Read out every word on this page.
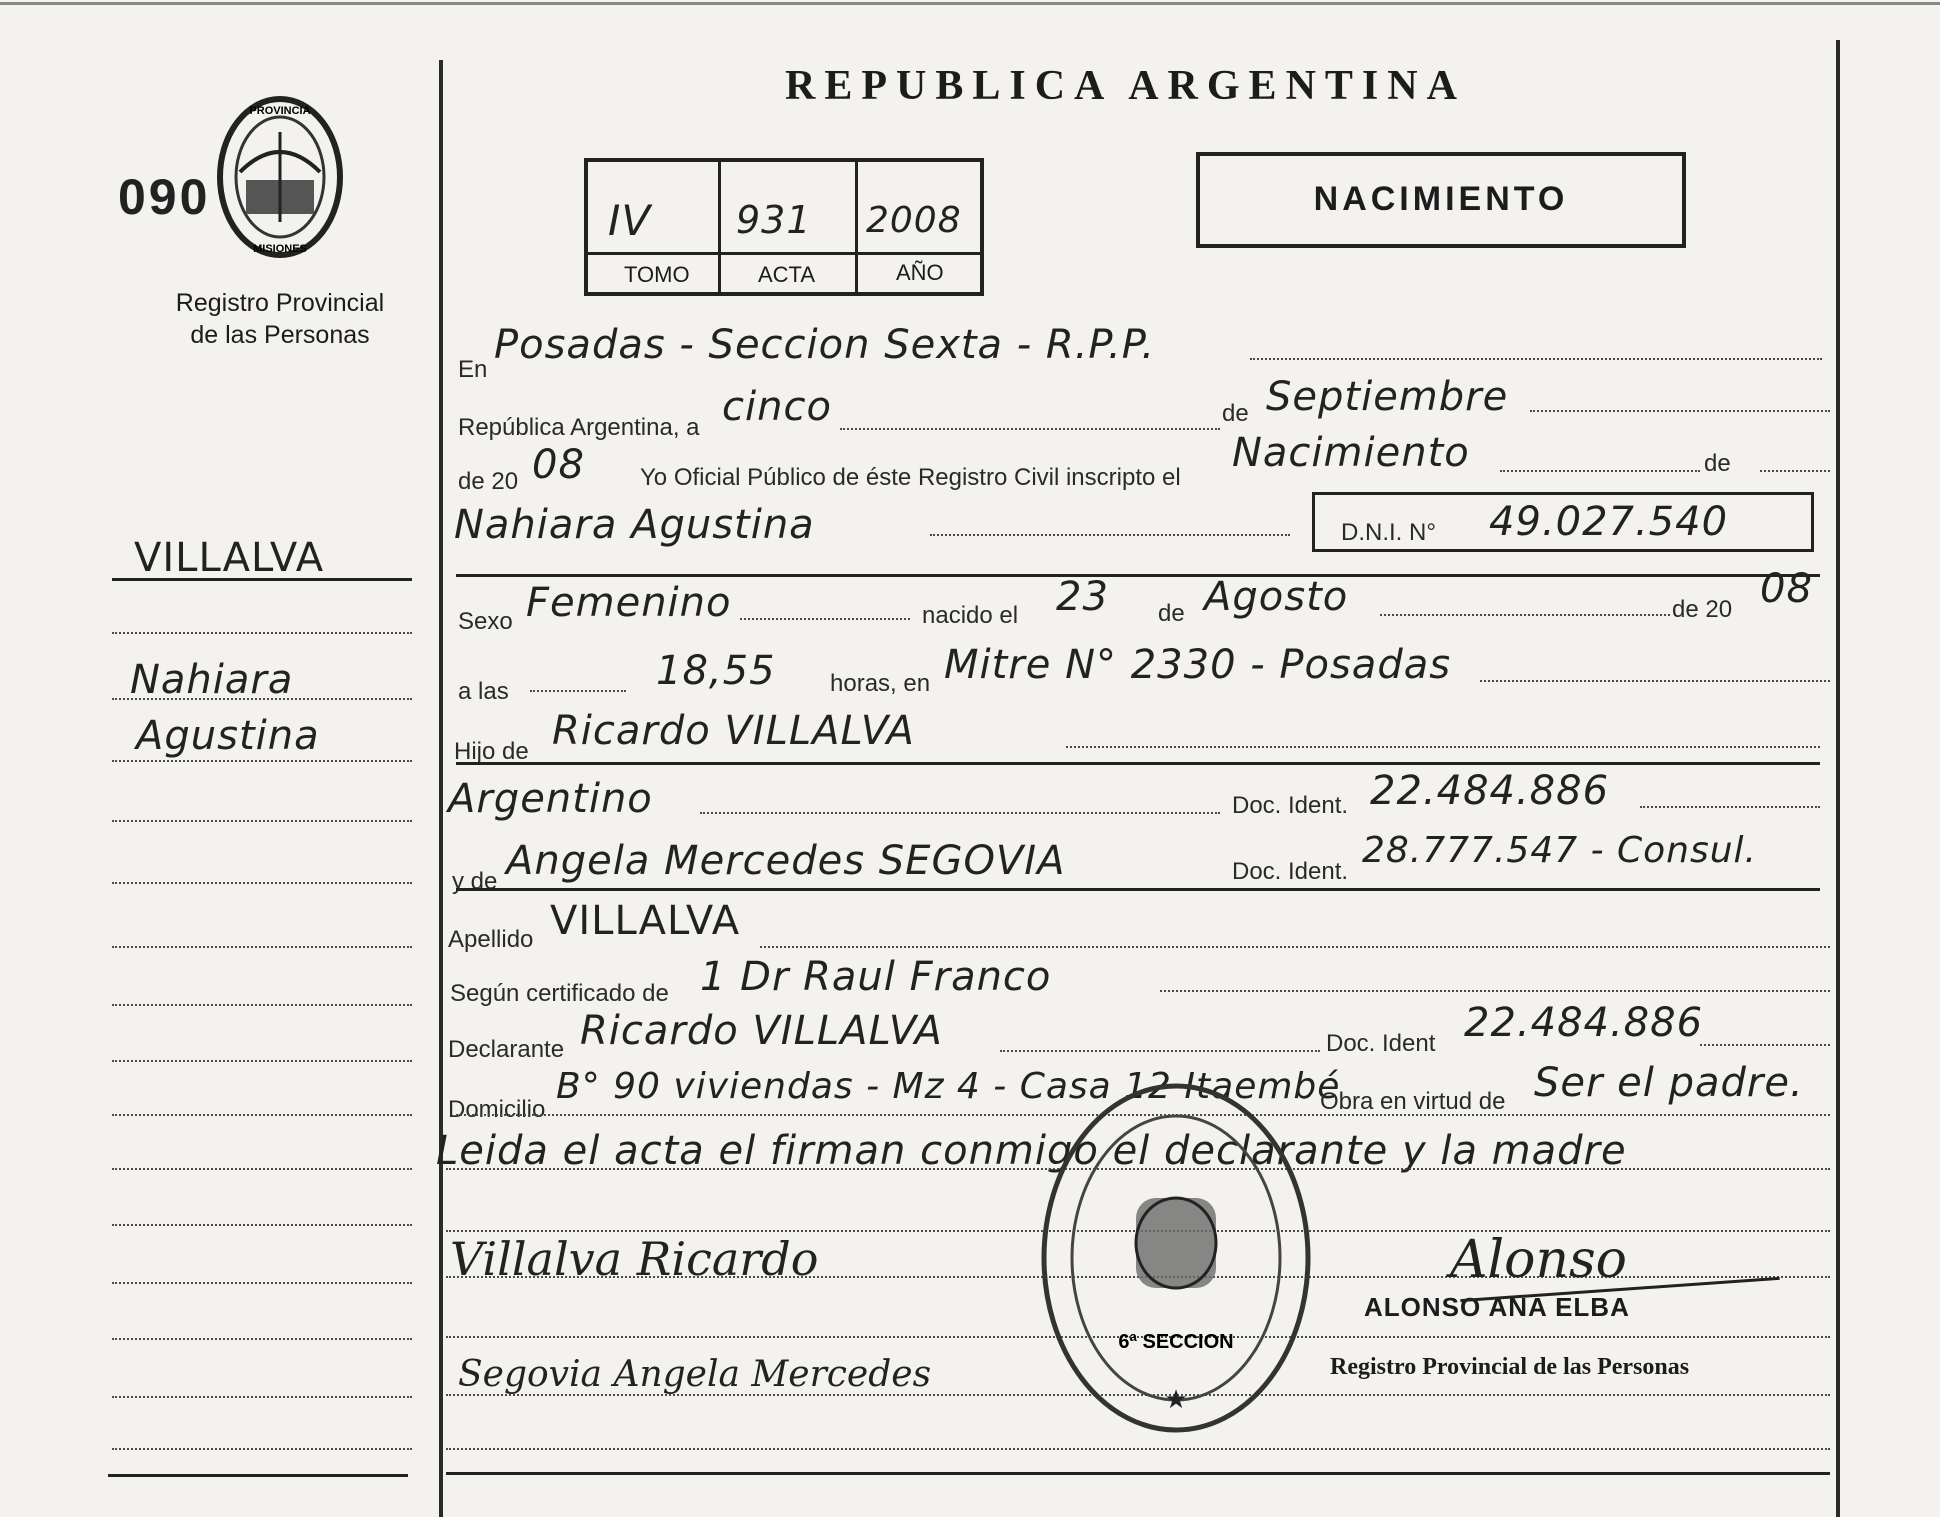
REPUBLICA ARGENTINA
090
PROVINCIA
MISIONES
Registro Provincial
de las Personas
IV 931 2008
TOMO	ACTA	AÑO
NACIMIENTO
VILLALVA
Nahiara
Agustina
En
Posadas - Seccion Sexta - R.P.P.
República Argentina, a cinco	de Septiembre
de 20 08 Yo Oficial Público de éste Registro Civil inscripto el
Nacimiento	de
Nahiara Agustina	D.N.I. N° 49.027.540
Sexo Femenino	nacido el 23 de Agosto	de 20 08
a las	18,55 horas, en Mitre N° 2330 - Posadas
Hijo de Ricardo VILLALVA
Argentino	Doc. Ident. 22.484.886
y de Angela Mercedes SEGOVIA	Doc. Ident.
28.777.547 - Consul.
Apellido VILLALVA
Según certificado de 1 Dr Raul Franco
Declarante Ricardo VILLALVA	Doc. Ident 22.484.886
Domicilio
B° 90 viviendas - Mz 4 - Casa 12 Itaembé
Obra en virtud de Ser el padre.
Leida el acta el firman conmigo el declarante y la madre
Villalva Ricardo
Segovia Angela Mercedes
★
6ª SECCION
Alonso
ALONSO ANA ELBA
Registro Provincial de las Personas
